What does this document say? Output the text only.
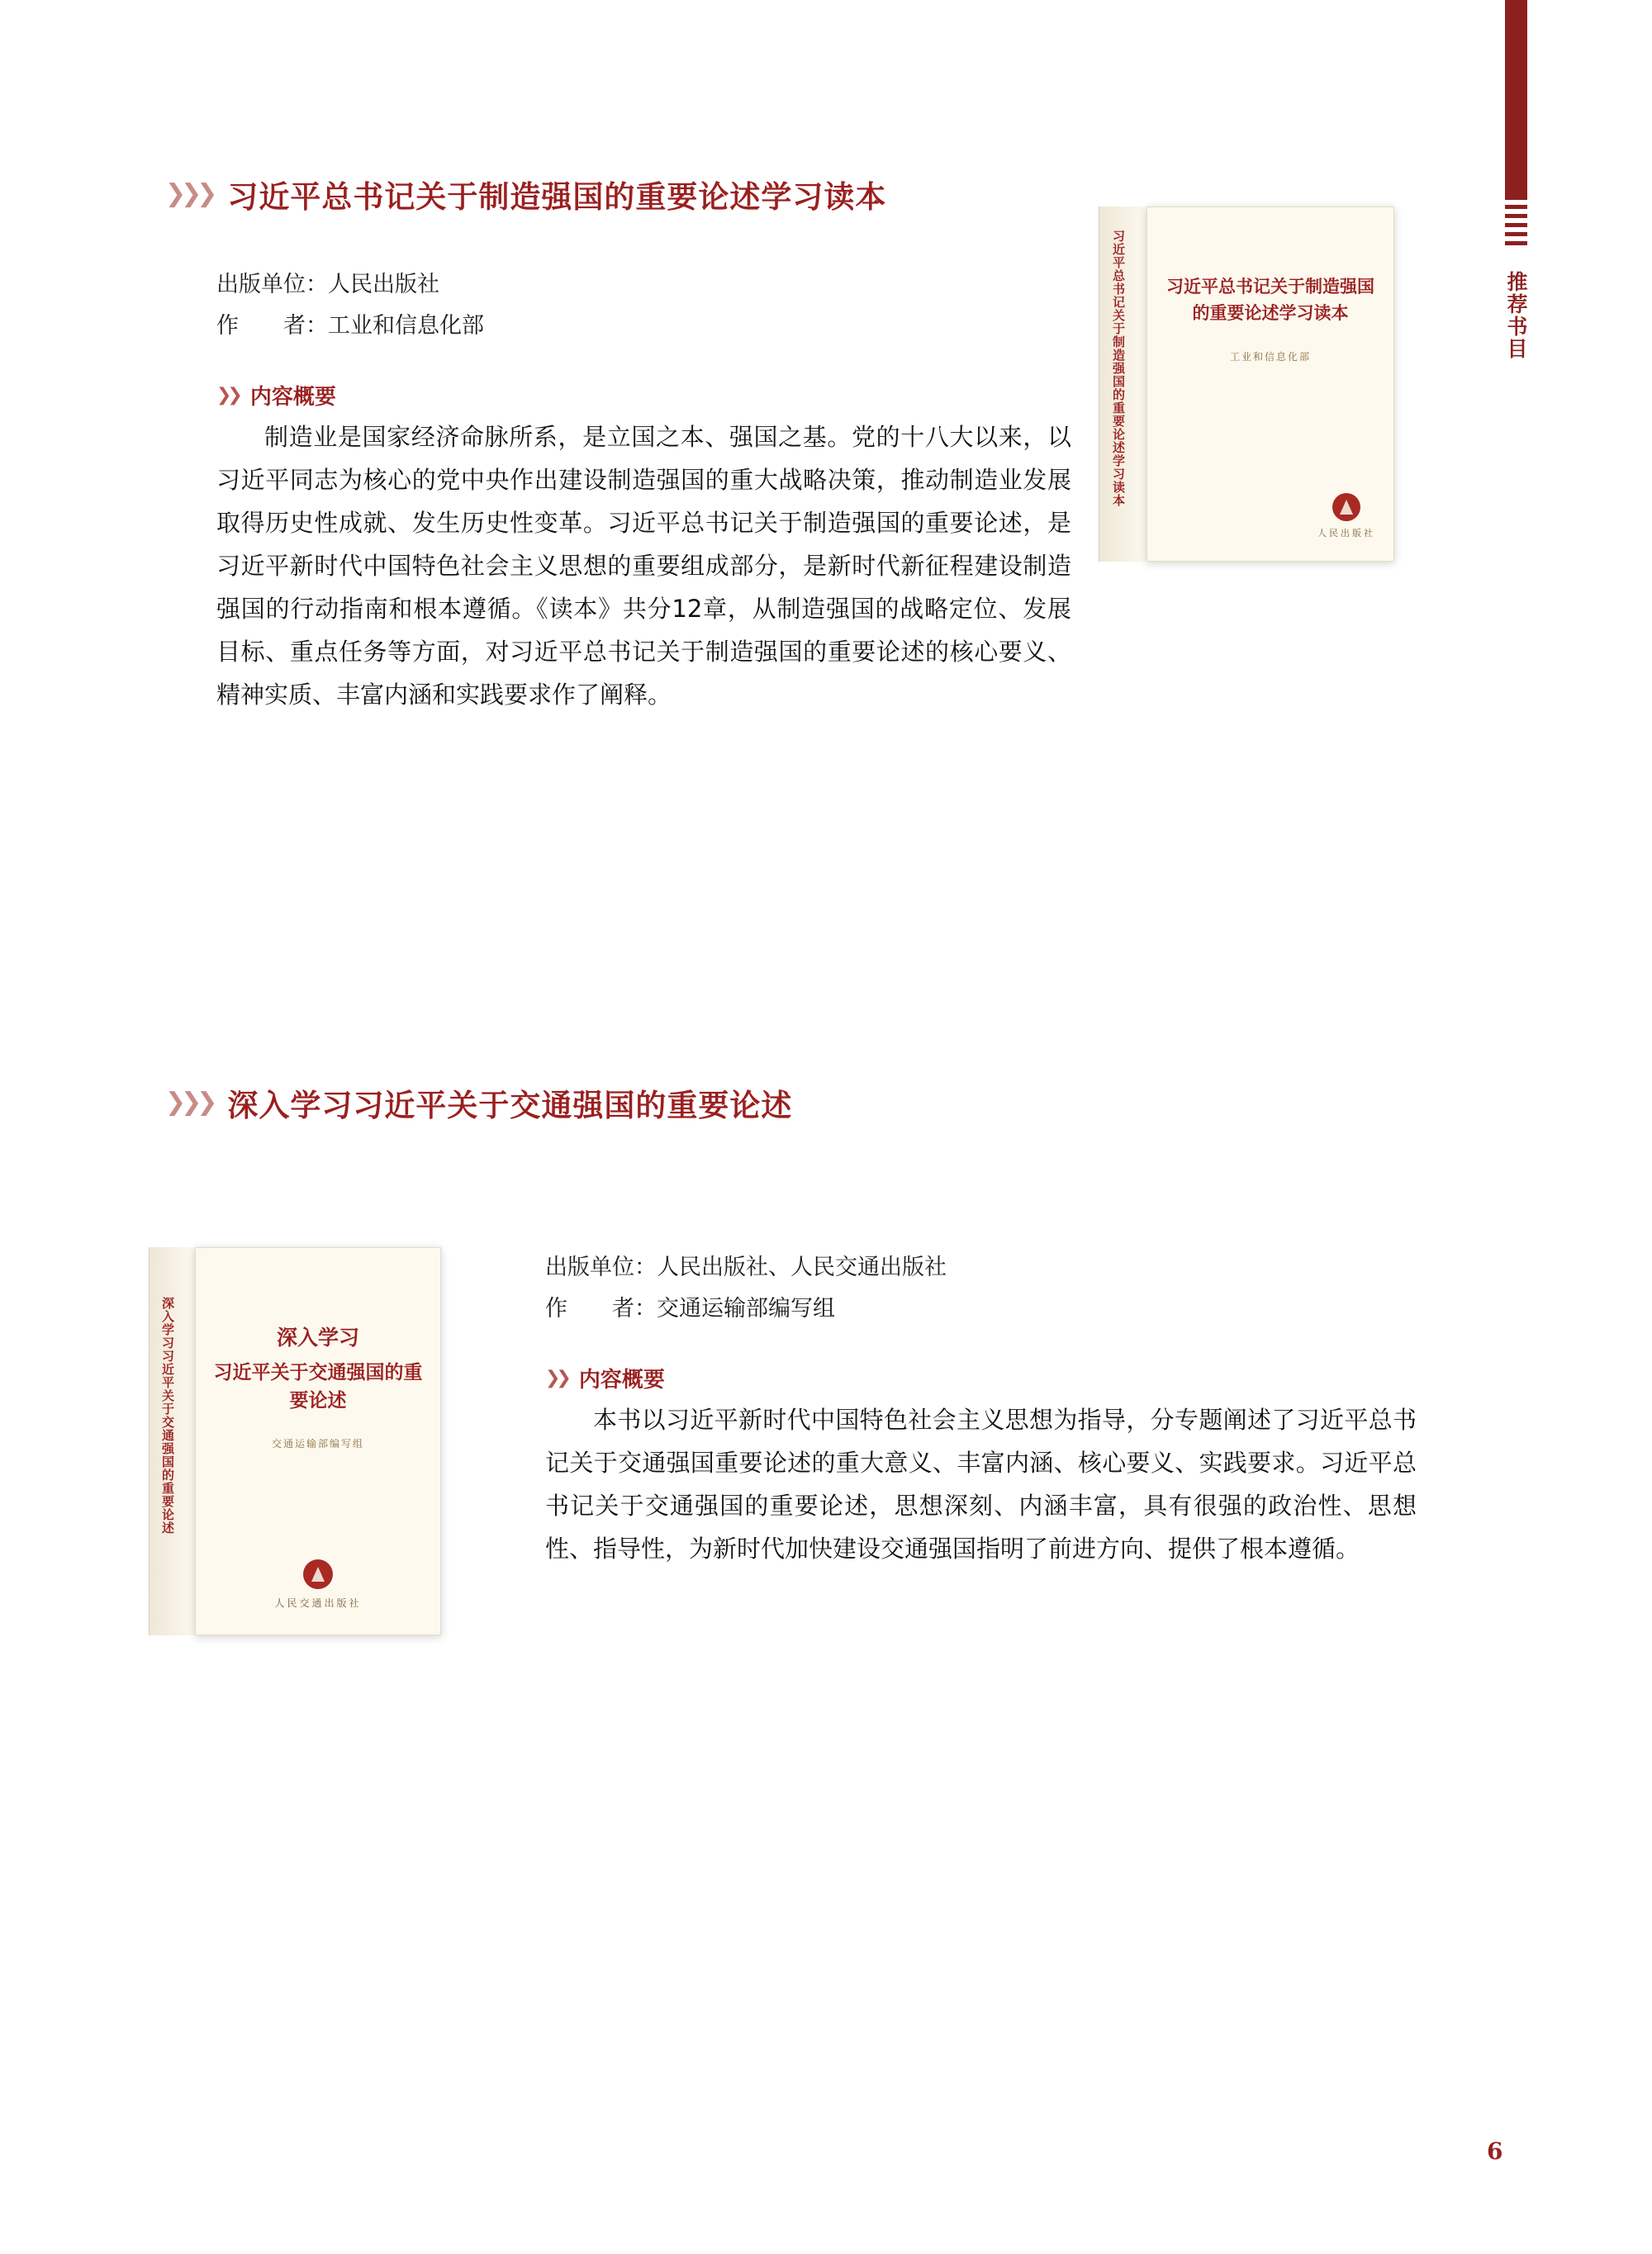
推荐书目
❯❯❯ 习近平总书记关于制造强国的重要论述学习读本
出版单位：人民出版社
作　　者：工业和信息化部
❯❯ 内容概要
制造业是国家经济命脉所系，是立国之本、强国之基。党的十八大以来，以习近平同志为核心的党中央作出建设制造强国的重大战略决策，推动制造业发展取得历史性成就、发生历史性变革。习近平总书记关于制造强国的重要论述，是习近平新时代中国特色社会主义思想的重要组成部分，是新时代新征程建设制造强国的行动指南和根本遵循。《读本》共分12章，从制造强国的战略定位、发展目标、重点任务等方面，对习近平总书记关于制造强国的重要论述的核心要义、精神实质、丰富内涵和实践要求作了阐释。
习近平总书记关于制造强国的重要论述学习读本	习近平总书记关于制造强国的重要论述学习读本
工业和信息化部
人民出版社
❯❯❯ 深入学习习近平关于交通强国的重要论述
出版单位：人民出版社、人民交通出版社
作　　者：交通运输部编写组
❯❯ 内容概要
本书以习近平新时代中国特色社会主义思想为指导，分专题阐述了习近平总书记关于交通强国重要论述的重大意义、丰富内涵、核心要义、实践要求。习近平总书记关于交通强国的重要论述，思想深刻、内涵丰富，具有很强的政治性、思想性、指导性，为新时代加快建设交通强国指明了前进方向、提供了根本遵循。
深入学习习近平关于交通强国的重要论述	深入学习
习近平关于交通强国的重要论述
交通运输部编写组
人民交通出版社
6
